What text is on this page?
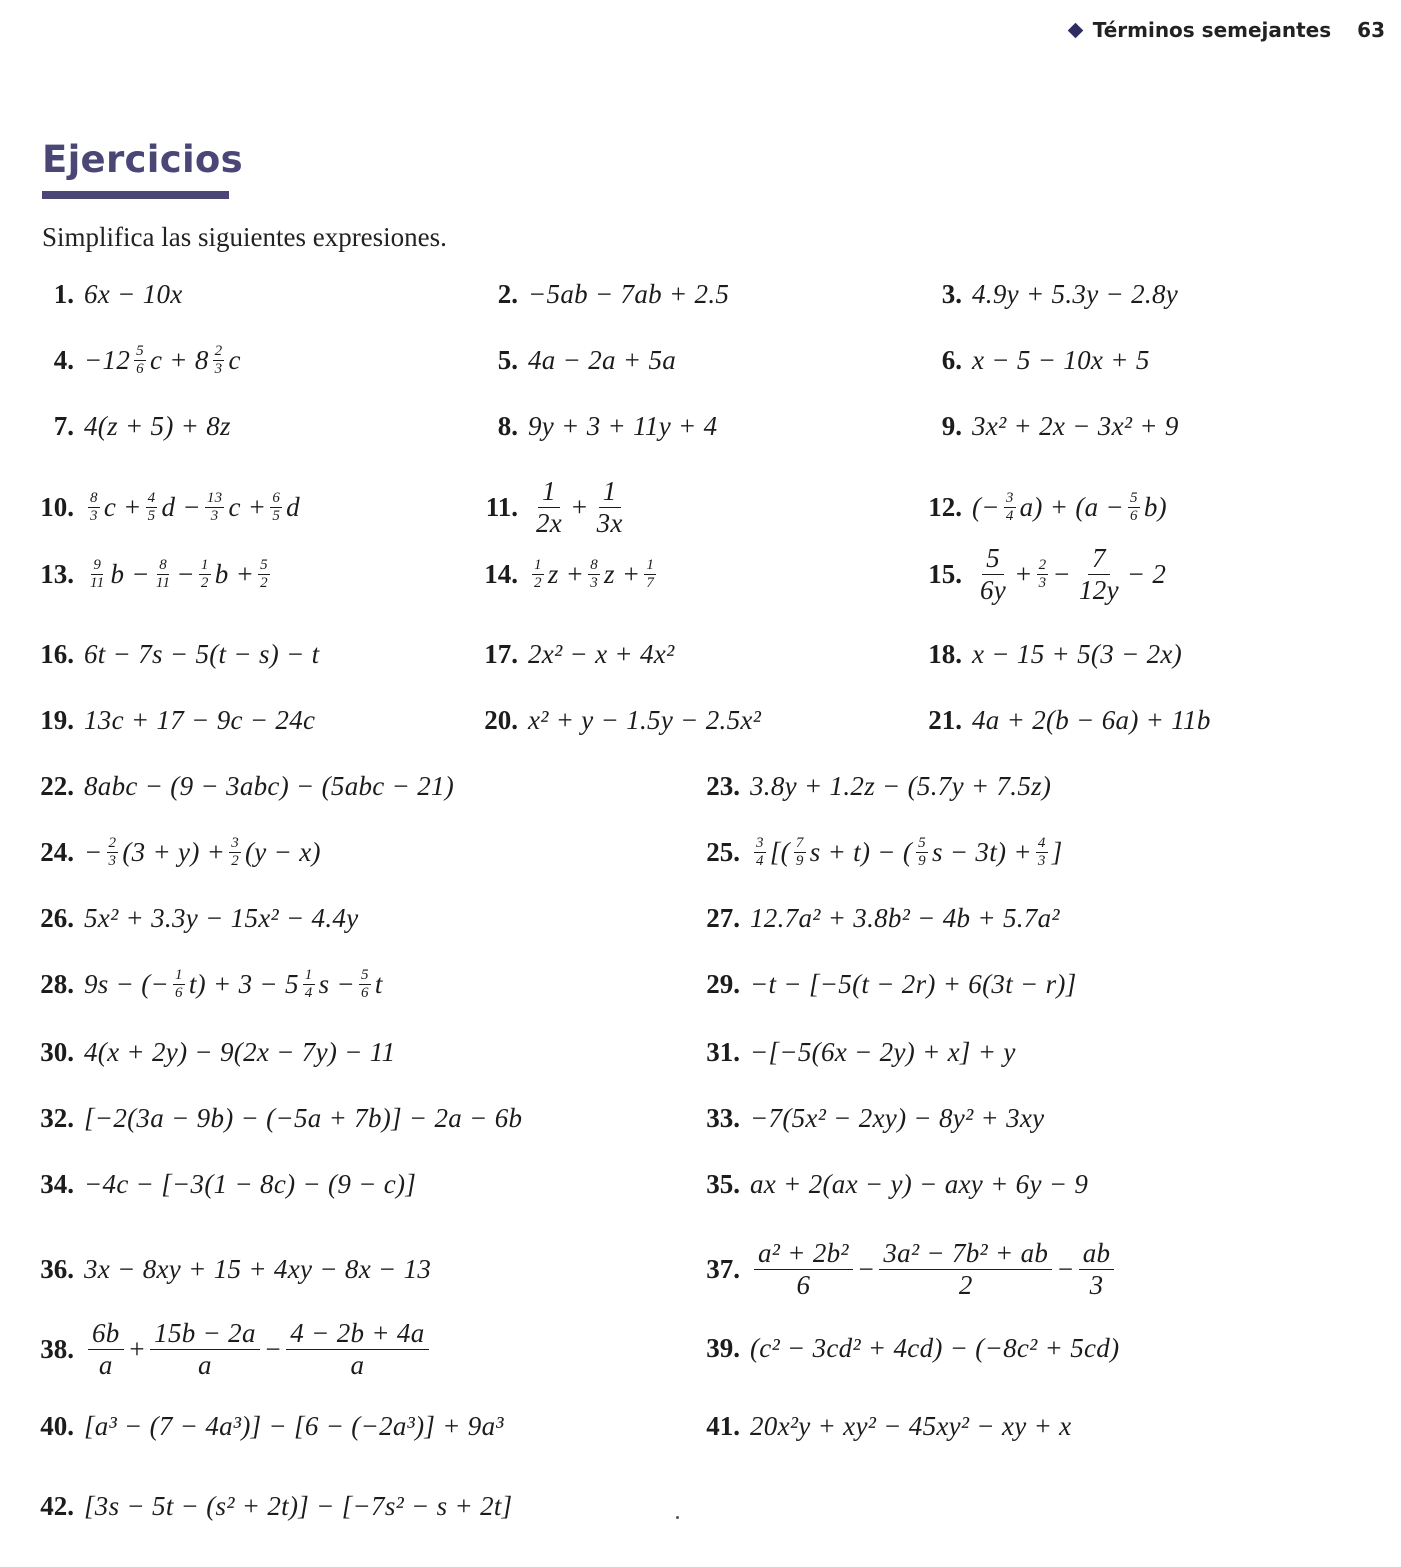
Términos semejantes 63
Ejercicios
Simplifica las siguientes expresiones.
1. 6x − 10x	2. −5ab − 7ab + 2.5	3. 4.9y + 5.3y − 2.8y
4. $-12 \frac{5}{6}$ $c + 8 \frac{2}{3}$ c	5. 4a − 2a + 5a	6. x − 5 − 10x + 5
7. 4(z + 5) + 8z	8. 9y + 3 + 11y + 4	9. 3x² + 2x − 3x² + 9
10. $\frac{8}{3}$ $c + \frac{4}{5}$ $d - \frac{13}{3}$ $c + \frac{6}{5}$ d	11. $\frac{1}{2x} + \frac{1}{3x}$	12. (− $\frac{3}{4} a) + (a - \frac{5}{6} b)$
13. $\frac{9}{11}$ $b - \frac{8}{11} - \frac{1}{2}$ $b + \frac{5}{2}$	14. $\frac{1}{2}$ $z + \frac{8}{3}$ $z + \frac{1}{7}$	15. $\frac{5}{6y} + \frac{2}{3} - \frac{7}{12y} - 2$
16. 6t − 7s − 5(t − s) − t	17. 2x² − x + 4x²	18. x − 15 + 5(3 − 2x)
19. 13c + 17 − 9c − 24c	20. x² + y − 1.5y − 2.5x²	21. 4a + 2(b − 6a) + 11b
22. 8abc − (9 − 3abc) − (5abc − 21)	23. 3.8y + 1.2z − (5.7y + 7.5z)
24. − $\frac{2}{3} (3 + y) + \frac{3}{2} (y - x)$	25. $\frac{3}{4}$ [( $\frac{7}{9}$ s + t) − ( $\frac{5}{9}$ $s - 3t) + \frac{4}{3}$ ]
26. 5x² + 3.3y − 15x² − 4.4y	27. 12.7a² + 3.8b² − 4b + 5.7a²
28. 9s − (− $\frac{1}{6} t) + 3 - 5 \frac{1}{4}$ $s - \frac{5}{6}$ t	29. −t − [−5(t − 2r) + 6(3t − r)]
30. 4(x + 2y) − 9(2x − 7y) − 11	31. −[−5(6x − 2y) + x] + y
32. [−2(3a − 9b) − (−5a + 7b)] − 2a − 6b	33. −7(5x² − 2xy) − 8y² + 3xy
34. −4c − [−3(1 − 8c) − (9 − c)]	35. ax + 2(ax − y) − axy + 6y − 9
36. 3x − 8xy + 15 + 4xy − 8x − 13	37. $\frac{\text{a² + 2b²}}{6} - \frac{\text{3a² − 7b² + ab}}{2} - \frac{ab}{3}$
38. $\frac{6b}{a} + \frac{15b - 2a}{a} - \frac{4 - 2b + 4a}{a}$	39. (c² − 3cd² + 4cd) − (−8c² + 5cd)
40. [a³ − (7 − 4a³)] − [6 − (−2a³)] + 9a³	41. 20x²y + xy² − 45xy² − xy + x
42. [3s − 5t − (s² + 2t)] − [−7s² − s + 2t]
